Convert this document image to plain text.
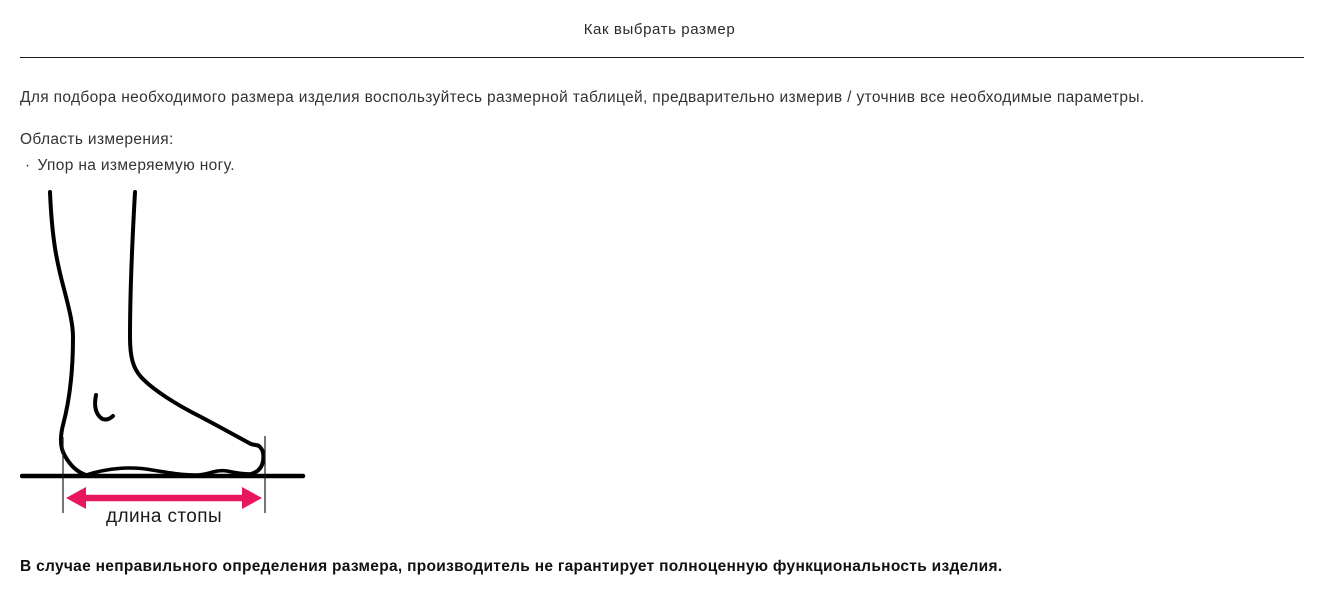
Как выбрать размер

Для подбора необходимого размера изделия воспользуйтесь размерной таблицей, предварительно измерив / уточнив все необходимые параметры.

Область измерения:

· Упор на измеряемую ногу.
длина стопы

В случае неправильного определения размера, производитель не гарантирует полноценную функциональность изделия.
